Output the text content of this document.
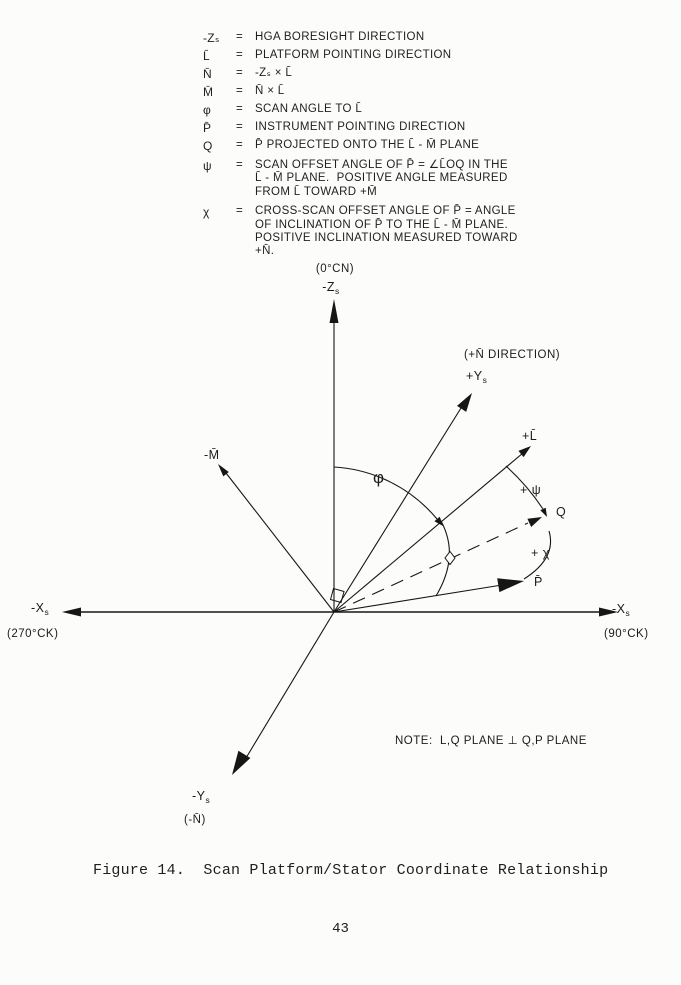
-Zₛ	=	HGA BORESIGHT DIRECTION
L̄	=	PLATFORM POINTING DIRECTION
N̄	=	-Zₛ × L̄
M̄	=	N̄ × L̄
φ	=	SCAN ANGLE TO L̄
P̄	=	INSTRUMENT POINTING DIRECTION
Q	=	P̄ PROJECTED ONTO THE L̄ - M̄ PLANE
ψ	=	SCAN OFFSET ANGLE OF P̄ = ∠L̄OQ IN THE
L̄ - M̄ PLANE.  POSITIVE ANGLE MEASURED
FROM L̄ TOWARD +M̄
χ	=	CROSS-SCAN OFFSET ANGLE OF P̄ = ANGLE
OF INCLINATION OF P̄ TO THE L̄ - M̄ PLANE.
POSITIVE INCLINATION MEASURED TOWARD +N̄.
(0°CN)
$-Z_s$
(+N̄ DIRECTION)
$+Y_s$
+L̄
+ ψ
Q
+ χ
P̄
φ
-M̄
$-X_s$
(270°CK)
$-X_s$
(90°CK)
$-Y_s$
(-N̄)
NOTE:  L,Q PLANE ⊥ Q,P PLANE
Figure 14.  Scan Platform/Stator Coordinate Relationship
43
